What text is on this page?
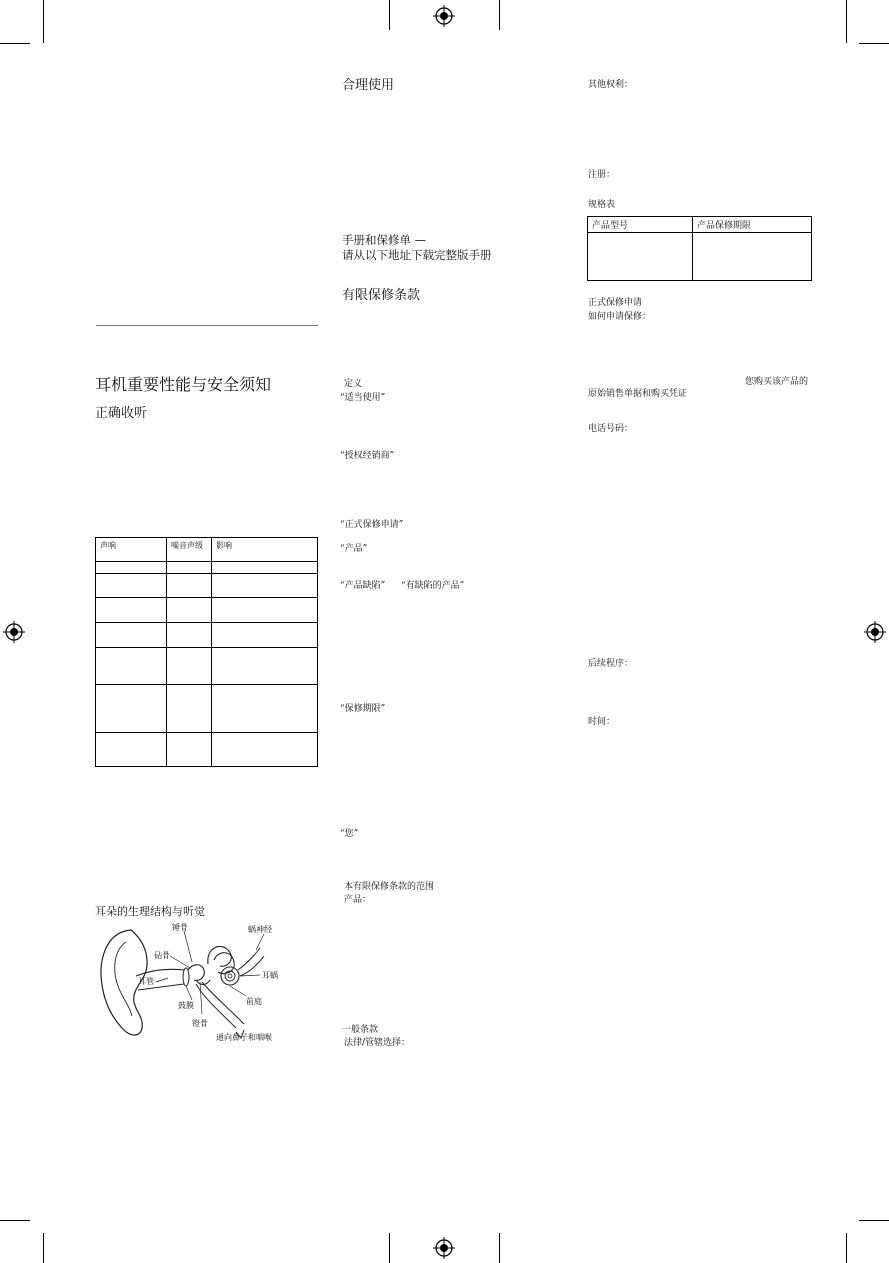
耳机重要性能与安全须知
正确收听
声响	噪音声级	影响

耳朵的生理结构与听觉
锤骨
砧骨
蜗神经
耳管
耳蜗
鼓膜	前庭
镫骨
通向鼻子和咽喉
合理使用
手册和保修单 —
请从以下地址下载完整版手册
有限保修条款
定义
“适当使用”
“授权经销商”
“正式保修申请”
“产品”
“产品缺陷” “有缺陷的产品”
“保修期限”
“您”
本有限保修条款的范围
产品：
一般条款
法律/管辖选择：
其他权利：
注册：
规格表
产品型号	产品保修期限

正式保修申请
如何申请保修：
您购买该产品的
原始销售单据和购买凭证
电话号码：
后续程序：
时间：
